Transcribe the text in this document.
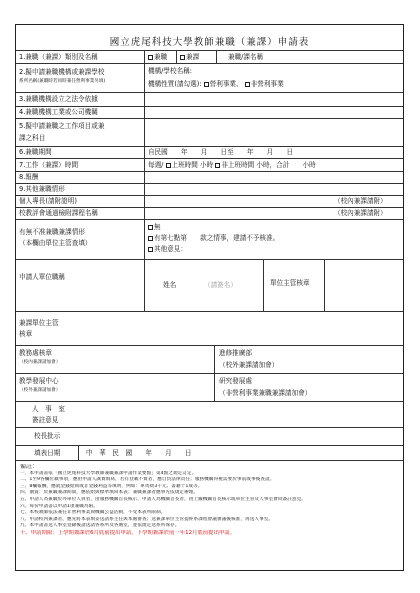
國立虎尾科技大學教師兼職（兼課）申請表
1.兼職（兼課）類別及名稱	兼職	兼課	兼職/課名稱
2.擬申請兼職機構或兼課學校
系所名稱(兼職時若同時兼任營利事業另填)
機構/學校名稱:
機構性質(請勾選): 營利事業、 非營利事業
3.兼職機構設立之法令依據
4.兼職機構工業或公司機關
5.擬申請兼職之工作項目或兼
課之科目
6.兼職期間	自民國　　年　　月　　日至　　年　　月　　日
7.工作（兼課）時間	每週/ 上班時間 小時 非上班時間 小時，合計　　小時
8.報酬
9.其他兼職情形
個人專長(請附證明)	（校內兼課請附）
校教評會通過檢附課程名稱	（校內兼課請附）
有無不准兼職兼課情形
（本欄由單位主管查填）
無
有第七點第　　款之情事，建請不予核准。
其他意見：
申請人單位職稱
姓名	（請簽名）	單位主管核章
兼課單位主管
核章
教務處核章
（校內兼課請加會）
進修推廣部
（校外兼課請加會）
教學發展中心
（校外兼課請加會）
研究發展處
（非營利事業兼職兼課請加會）
人　事　室
簽註意見
校長批示
填表日期	中　華　民　國　　年　　月　　日
備註：
一、本申請書依「國立虎尾科技大學教師兼職兼課申請作業要點」第4點之規定訂定。
二、1至9各欄位載事項，應由申請人誠實填寫，若有登載不實者，應自負法律責任；服務機關得視需要於事前或事後查證。
三、8欄報酬，應就金錢給與或非金錢利益等填明，例如：車馬費3千元、書籍十1成等。
四、個資：於兼職兼課期間，應依給與標準填寫本表；兼職兼課者應事先依規定辦理。
五、申請人為兼職於外單位人員者，由服務機關首長核示，申請人為機關首長者，由上級機關首長核示或單位主管及人事室會同簽註意見。
六、每份申請書以申請1項兼職為限。
七、本校教師依法兼任非營利事業與機關公益活動，不受本表所限制。
八、申請校內兼課者，應先將本表填妥送請系主任與本處審查；送兼課單位主管提經系課程會議審議後核准，再送人事室。
九、本申請書送人事室登錄後請送請各系所及各處室，並依規定送系所保存。
十、申請期限：上學期兼課於6月底前提出申請，下學期兼課於前一年12月底前提出申請。
